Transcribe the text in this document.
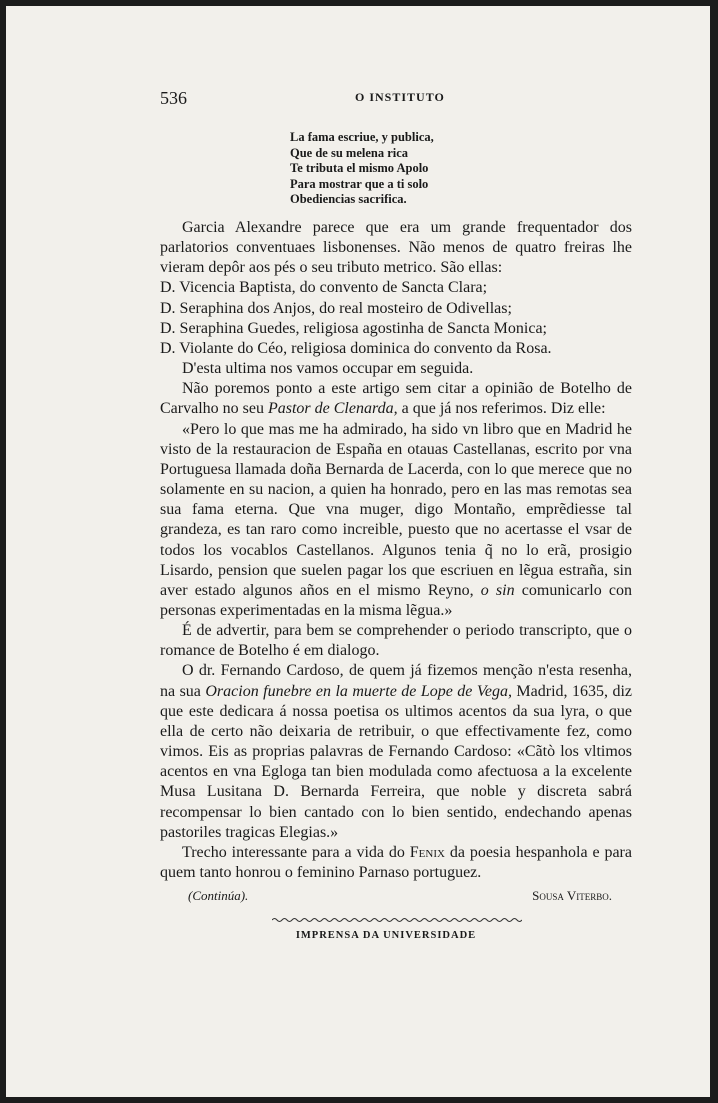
536	O INSTITUTO
La fama escriue, y publica,
Que de su melena rica
Te tributa el mismo Apolo
Para mostrar que a ti solo
Obediencias sacrifica.

Garcia Alexandre parece que era um grande frequentador dos parlatorios conventuaes lisbonenses. Não menos de quatro freiras lhe vieram depôr aos pés o seu tributo metrico. São ellas:

D. Vicencia Baptista, do convento de Sancta Clara;

D. Seraphina dos Anjos, do real mosteiro de Odivellas;

D. Seraphina Guedes, religiosa agostinha de Sancta Monica;

D. Violante do Céo, religiosa dominica do convento da Rosa.

D'esta ultima nos vamos occupar em seguida.

Não poremos ponto a este artigo sem citar a opinião de Botelho de Carvalho no seu Pastor de Clenarda, a que já nos referimos. Diz elle:

«Pero lo que mas me ha admirado, ha sido vn libro que en Madrid he visto de la restauracion de España en otauas Castellanas, escrito por vna Portuguesa llamada doña Bernarda de Lacerda, con lo que merece que no solamente en su nacion, a quien ha honrado, pero en las mas remotas sea sua fama eterna. Que vna muger, digo Montaño, emprẽdiesse tal grandeza, es tan raro como increible, puesto que no acertasse el vsar de todos los vocablos Castellanos. Algunos tenia q̃ no lo erã, prosigio Lisardo, pension que suelen pagar los que escriuen en lẽgua estraña, sin aver estado algunos años en el mismo Reyno, o sin comunicarlo con personas experimentadas en la misma lẽgua.»

É de advertir, para bem se comprehender o periodo transcripto, que o romance de Botelho é em dialogo.

O dr. Fernando Cardoso, de quem já fizemos menção n'esta resenha, na sua Oracion funebre en la muerte de Lope de Vega, Madrid, 1635, diz que este dedicara á nossa poetisa os ultimos acentos da sua lyra, o que ella de certo não deixaria de retribuir, o que effectivamente fez, como vimos. Eis as proprias palavras de Fernando Cardoso: «Cãtò los vltimos acentos en vna Egloga tan bien modulada como afectuosa a la excelente Musa Lusitana D. Bernarda Ferreira, que noble y discreta sabrá recompensar lo bien cantado con lo bien sentido, endechando apenas pastoriles tragicas Elegias.»

Trecho interessante para a vida do Fenix da poesia hespanhola e para quem tanto honrou o feminino Parnaso portuguez.

(Continúa).	Sousa Viterbo.
IMPRENSA DA UNIVERSIDADE
